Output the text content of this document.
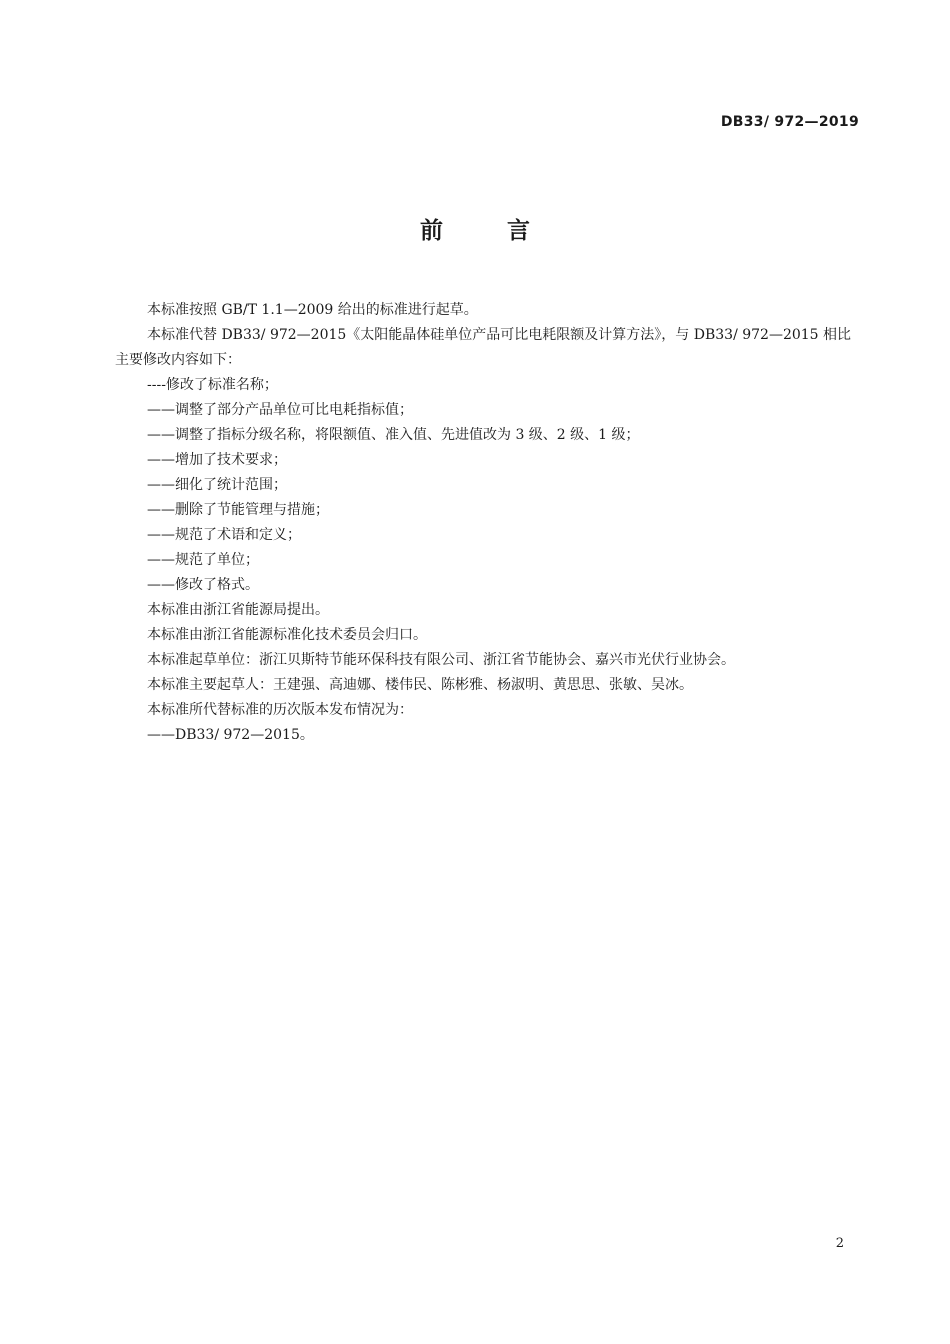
DB33/ 972—2019
前 言

本标准按照 GB/T 1.1—2009 给出的标准进行起草。

本标准代替 DB33/ 972—2015《太阳能晶体硅单位产品可比电耗限额及计算方法》，与 DB33/ 972—2015 相比主要修改内容如下：

----修改了标准名称；

——调整了部分产品单位可比电耗指标值；

——调整了指标分级名称，将限额值、准入值、先进值改为 3 级、2 级、1 级；

——增加了技术要求；

——细化了统计范围；

——删除了节能管理与措施；

——规范了术语和定义；

——规范了单位；

——修改了格式。

本标准由浙江省能源局提出。

本标准由浙江省能源标准化技术委员会归口。

本标准起草单位：浙江贝斯特节能环保科技有限公司、浙江省节能协会、嘉兴市光伏行业协会。

本标准主要起草人：王建强、高迪娜、楼伟民、陈彬雅、杨淑明、黄思思、张敏、吴冰。

本标准所代替标准的历次版本发布情况为：

——DB33/ 972—2015。

2
